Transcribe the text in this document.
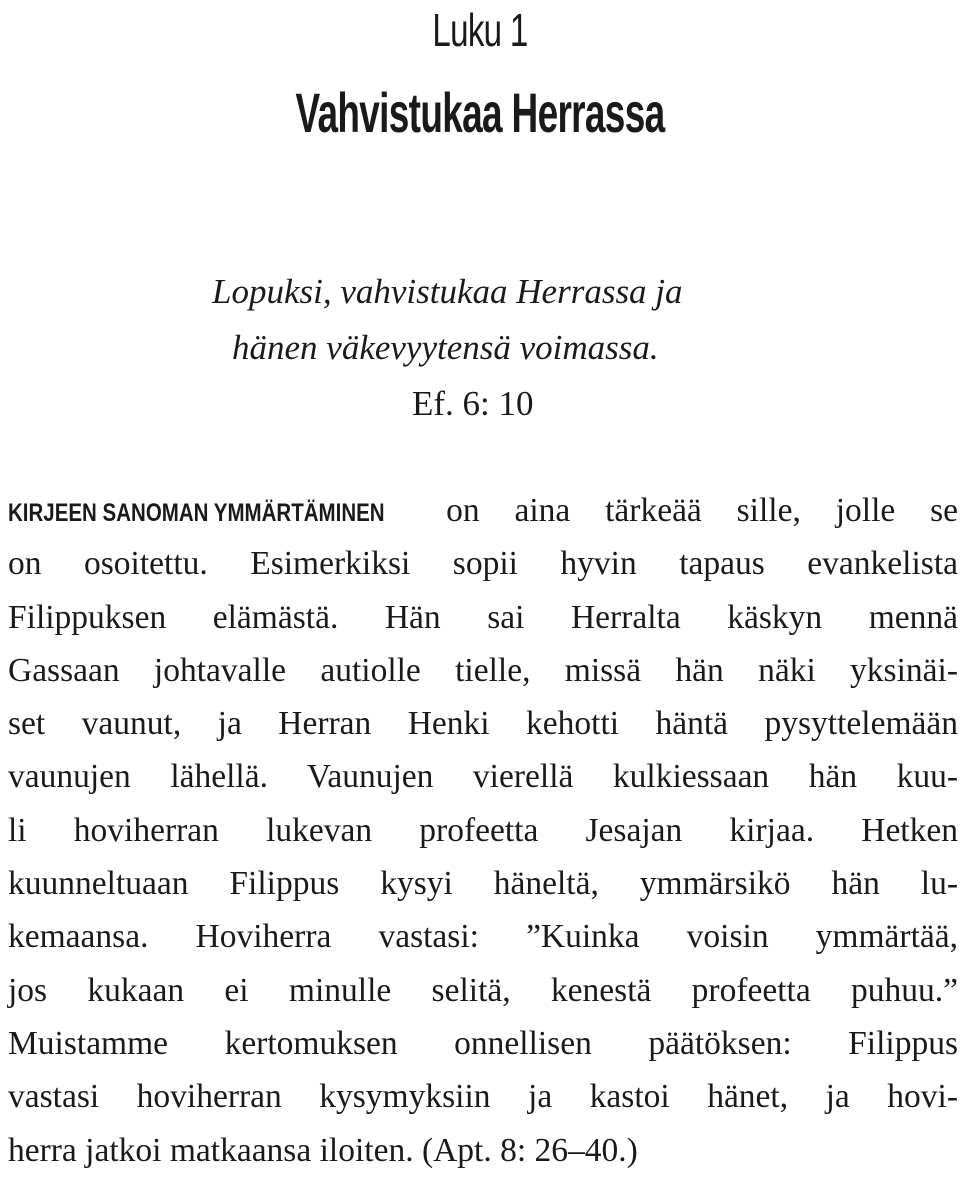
Luku 1
Vahvistukaa Herrassa
Lopuksi, vahvistukaa Herrassa ja
hänen väkevyytensä voimassa.
Ef. 6: 10
KIRJEEN SANOMAN YMMÄRTÄMINEN on aina tärkeää sille, jolle se
on osoitettu. Esimerkiksi sopii hyvin tapaus evankelista
Filippuksen elämästä. Hän sai Herralta käskyn mennä
Gassaan johtavalle autiolle tielle, missä hän näki yksinäi-
set vaunut, ja Herran Henki kehotti häntä pysyttelemään
vaunujen lähellä. Vaunujen vierellä kulkiessaan hän kuu-
li hoviherran lukevan profeetta Jesajan kirjaa. Hetken
kuunneltuaan Filippus kysyi häneltä, ymmärsikö hän lu-
kemaansa. Hoviherra vastasi: ”Kuinka voisin ymmärtää,
jos kukaan ei minulle selitä, kenestä profeetta puhuu.”
Muistamme kertomuksen onnellisen päätöksen: Filippus
vastasi hoviherran kysymyksiin ja kastoi hänet, ja hovi-
herra jatkoi matkaansa iloiten. (Apt. 8: 26–40.)
